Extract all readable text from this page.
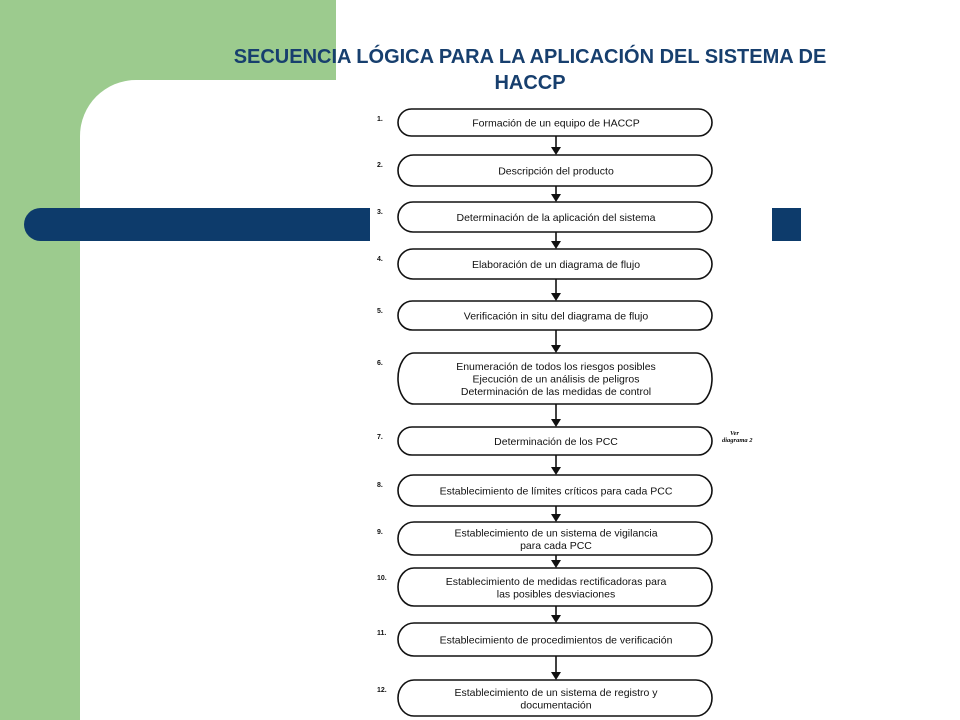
SECUENCIA LÓGICA PARA LA APLICACIÓN DEL SISTEMA DE
HACCP
1.	Formación de un equipo de HACCP
2.	Descripción del producto
3.	Determinación de la aplicación del sistema
4.	Elaboración de un diagrama de flujo
5.	Verificación in situ del diagrama de flujo
6.	Enumeración de todos los riesgos posibles
Ejecución de un análisis de peligros
Determinación de las medidas de control
7.	Determinación de los PCC
8.	Establecimiento de límites críticos para cada PCC
9.	Establecimiento de un sistema de vigilancia
para cada PCC
10.	Establecimiento de medidas rectificadoras para
las posibles desviaciones
11.
Establecimiento de procedimientos de verificación
12.	Establecimiento de un sistema de registro y
documentación
Ver
diagrama 2
